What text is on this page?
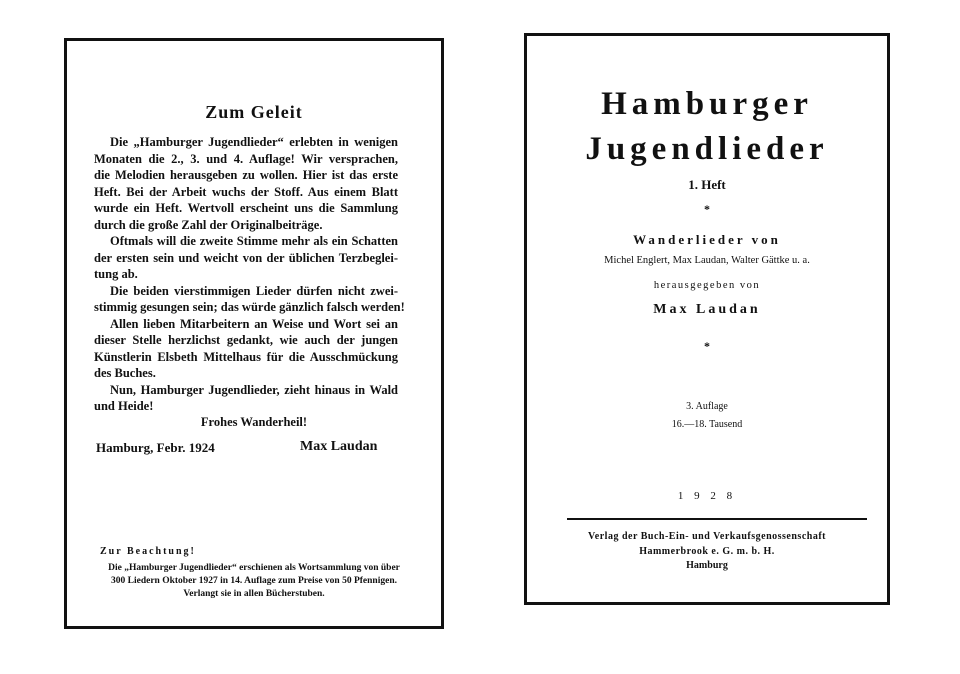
Zum Geleit
Die „Hamburger Jugendlieder“ erlebten in wenigen
Monaten die 2., 3. und 4. Auflage! Wir versprachen,
die Melodien herausgeben zu wollen. Hier ist das erste
Heft. Bei der Arbeit wuchs der Stoff. Aus einem Blatt
wurde ein Heft. Wertvoll erscheint uns die Sammlung
durch die große Zahl der Originalbeiträge.
Oftmals will die zweite Stimme mehr als ein Schatten
der ersten sein und weicht von der üblichen Terzbeglei-
tung ab.
Die beiden vierstimmigen Lieder dürfen nicht zwei-
stimmig gesungen sein; das würde gänzlich falsch werden!
Allen lieben Mitarbeitern an Weise und Wort sei an
dieser Stelle herzlichst gedankt, wie auch der jungen
Künstlerin Elsbeth Mittelhaus für die Ausschmückung
des Buches.
Nun, Hamburger Jugendlieder, zieht hinaus in Wald
und Heide!
Frohes Wanderheil!
Hamburg, Febr. 1924	Max Laudan
Zur Beachtung!
Die „Hamburger Jugendlieder“ erschienen als Wortsammlung von über
300 Liedern Oktober 1927 in 14. Auflage zum Preise von 50 Pfennigen.
Verlangt sie in allen Bücherstuben.
Hamburger
Jugendlieder
1. Heft
*
Wanderlieder von
Michel Englert, Max Laudan, Walter Gättke u. a.
herausgegeben von
Max Laudan
*
3. Auflage
16.—18. Tausend
1 9 2 8
Verlag der Buch-Ein- und Verkaufsgenossenschaft
Hammerbrook e. G. m. b. H.
Hamburg
